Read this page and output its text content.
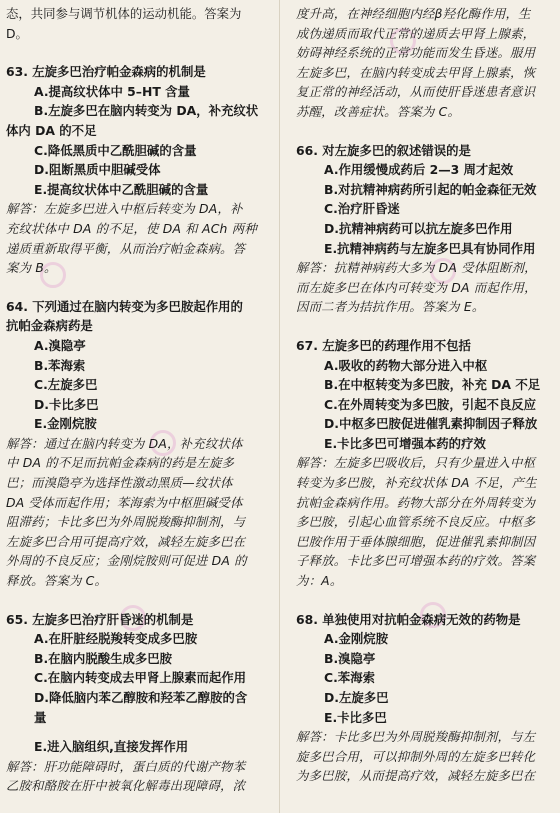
态，共同参与调节机体的运动机能。答案为

D。

63. 左旋多巴治疗帕金森病的机制是

A.提高纹状体中 5–HT 含量

B.左旋多巴在脑内转变为 DA，补充纹状

体内 DA 的不足

C.降低黑质中乙酰胆碱的含量

D.阻断黑质中胆碱受体

E.提高纹状体中乙酰胆碱的含量

解答：左旋多巴进入中枢后转变为 DA，补

充纹状体中 DA 的不足，使 DA 和 ACh 两种

递质重新取得平衡，从而治疗帕金森病。答

案为 B。

64. 下列通过在脑内转变为多巴胺起作用的

抗帕金森病药是

A.溴隐亭

B.苯海索

C.左旋多巴

D.卡比多巴

E.金刚烷胺

解答：通过在脑内转变为 DA，补充纹状体

中 DA 的不足而抗帕金森病的药是左旋多

巴；而溴隐亭为选择性激动黑质—纹状体

DA 受体而起作用；苯海索为中枢胆碱受体

阻滞药；卡比多巴为外周脱羧酶抑制剂，与

左旋多巴合用可提高疗效，减轻左旋多巴在

外周的不良反应；金刚烷胺则可促进 DA 的

释放。答案为 C。

65. 左旋多巴治疗肝昏迷的机制是

A.在肝脏经脱羧转变成多巴胺

B.在脑内脱酸生成多巴胺

C.在脑内转变成去甲肾上腺素而起作用

D.降低脑内苯乙醇胺和羟苯乙醇胺的含

量

E.进入脑组织,直接发挥作用

解答：肝功能障碍时，蛋白质的代谢产物苯

乙胺和酪胺在肝中被氧化解毒出现障碍，浓

度升高，在神经细胞内经β羟化酶作用，生

成伪递质而取代正常的递质去甲肾上腺素，

妨碍神经系统的正常功能而发生昏迷。服用

左旋多巴，在脑内转变成去甲肾上腺素，恢

复正常的神经活动，从而使肝昏迷患者意识

苏醒，改善症状。答案为 C。

66. 对左旋多巴的叙述错误的是

A.作用缓慢成药后 2—3 周才起效

B.对抗精神病药所引起的帕金森征无效

C.治疗肝昏迷

D.抗精神病药可以抗左旋多巴作用

E.抗精神病药与左旋多巴具有协同作用

解答：抗精神病药大多为 DA 受体阻断剂，

而左旋多巴在体内可转变为 DA 而起作用，

因而二者为拮抗作用。答案为 E。

67. 左旋多巴的药理作用不包括

A.吸收的药物大部分进入中枢

B.在中枢转变为多巴胺，补充 DA 不足

C.在外周转变为多巴胺，引起不良反应

D.中枢多巴胺促进催乳素抑制因子释放

E.卡比多巴可增强本药的疗效

解答：左旋多巴吸收后，只有少量进入中枢

转变为多巴胺，补充纹状体 DA 不足，产生

抗帕金森病作用。药物大部分在外周转变为

多巴胺，引起心血管系统不良反应。中枢多

巴胺作用于垂体腺细胞，促进催乳素抑制因

子释放。卡比多巴可增强本药的疗效。答案

为：A。

68. 单独使用对抗帕金森病无效的药物是

A.金刚烷胺

B.溴隐亭

C.苯海索

D.左旋多巴

E.卡比多巴

解答：卡比多巴为外周脱羧酶抑制剂，与左

旋多巴合用，可以抑制外周的左旋多巴转化

为多巴胺，从而提高疗效，减轻左旋多巴在
